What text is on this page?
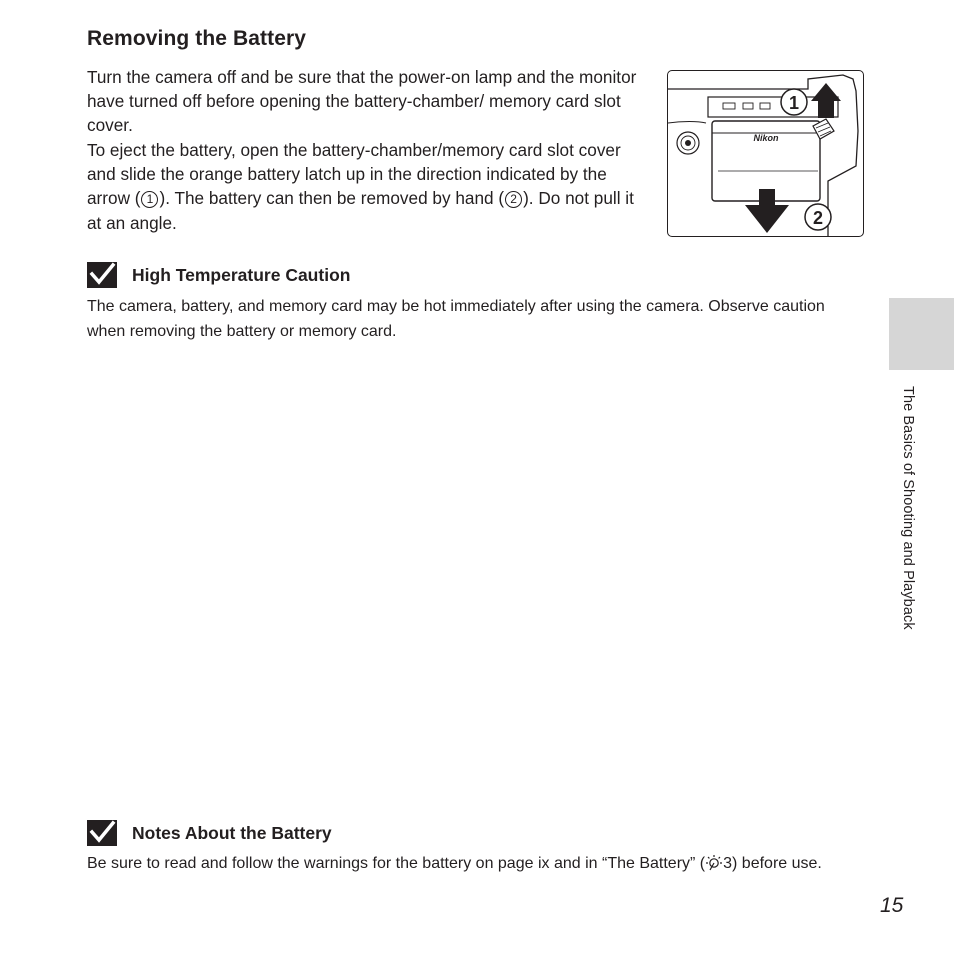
Removing the Battery
Turn the camera off and be sure that the power-on lamp and the monitor have turned off before opening the battery-chamber/ memory card slot cover.
To eject the battery, open the battery-chamber/memory card slot cover and slide the orange battery latch up in the direction indicated by the arrow ( 1 ). The battery can then be removed by hand ( 2 ). Do not pull it at an angle.
Nikon
1
2
High Temperature Caution
The camera, battery, and memory card may be hot immediately after using the camera. Observe caution when removing the battery or memory card.
Notes About the Battery
Be sure to read and follow the warnings for the battery on page ix and in “The Battery” ( 3) before use.
The Basics of Shooting and Playback
15
